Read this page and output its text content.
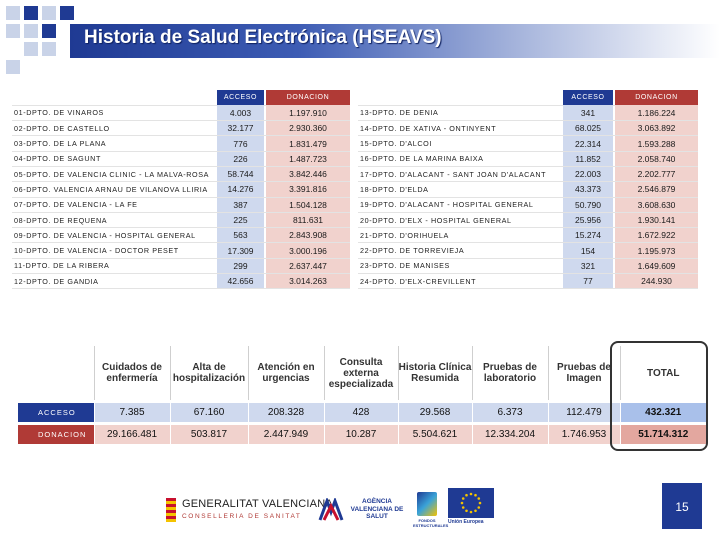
Historia de Salud Electrónica (HSEAVS)
	ACCESO		DONACION
01-DPTO. DE VINAROS	4.003		1.197.910
02-DPTO. DE CASTELLO	32.177		2.930.360
03-DPTO. DE LA PLANA	776		1.831.479
04-DPTO. DE SAGUNT	226		1.487.723
05-DPTO. DE VALENCIA CLINIC - LA MALVA-ROSA	58.744		3.842.446
06-DPTO. VALENCIA ARNAU DE VILANOVA LLIRIA	14.276		3.391.816
07-DPTO. DE VALENCIA - LA FE	387		1.504.128
08-DPTO. DE REQUENA	225		811.631
09-DPTO. DE VALENCIA - HOSPITAL GENERAL	563		2.843.908
10-DPTO. DE VALENCIA - DOCTOR PESET	17.309		3.000.196
11-DPTO. DE LA RIBERA	299		2.637.447
12-DPTO. DE GANDIA	42.656		3.014.263
	ACCESO		DONACION
13-DPTO. DE DENIA	341		1.186.224
14-DPTO. DE XATIVA - ONTINYENT	68.025		3.063.892
15-DPTO. D'ALCOI	22.314		1.593.288
16-DPTO. DE LA MARINA BAIXA	11.852		2.058.740
17-DPTO. D'ALACANT - SANT JOAN D'ALACANT	22.003		2.202.777
18-DPTO. D'ELDA	43.373		2.546.879
19-DPTO. D'ALACANT - HOSPITAL GENERAL	50.790		3.608.630
20-DPTO. D'ELX - HOSPITAL GENERAL	25.956		1.930.141
21-DPTO. D'ORIHUELA	15.274		1.672.922
22-DPTO. DE TORREVIEJA	154		1.195.973
23-DPTO. DE MANISES	321		1.649.609
24-DPTO. D'ELX-CREVILLENT	77		244.930
	Cuidados de enfermería	Alta de hospitalización	Atención en urgencias	Consulta externa especializada	Historia Clínica Resumida	Pruebas de laboratorio	Pruebas de Imagen	TOTAL

ACCESO	7.385	67.160	208.328	428	29.568	6.373	112.479	432.321

DONACION	29.166.481	503.817	2.447.949	10.287	5.504.621	12.334.204	1.746.953	51.714.312
GENERALITAT VALENCIANA
CONSELLERIA DE SANITAT
AGÈNCIA VALENCIANA DE SALUT
FONDOS ESTRUCTURALES
Unión Europea
15
